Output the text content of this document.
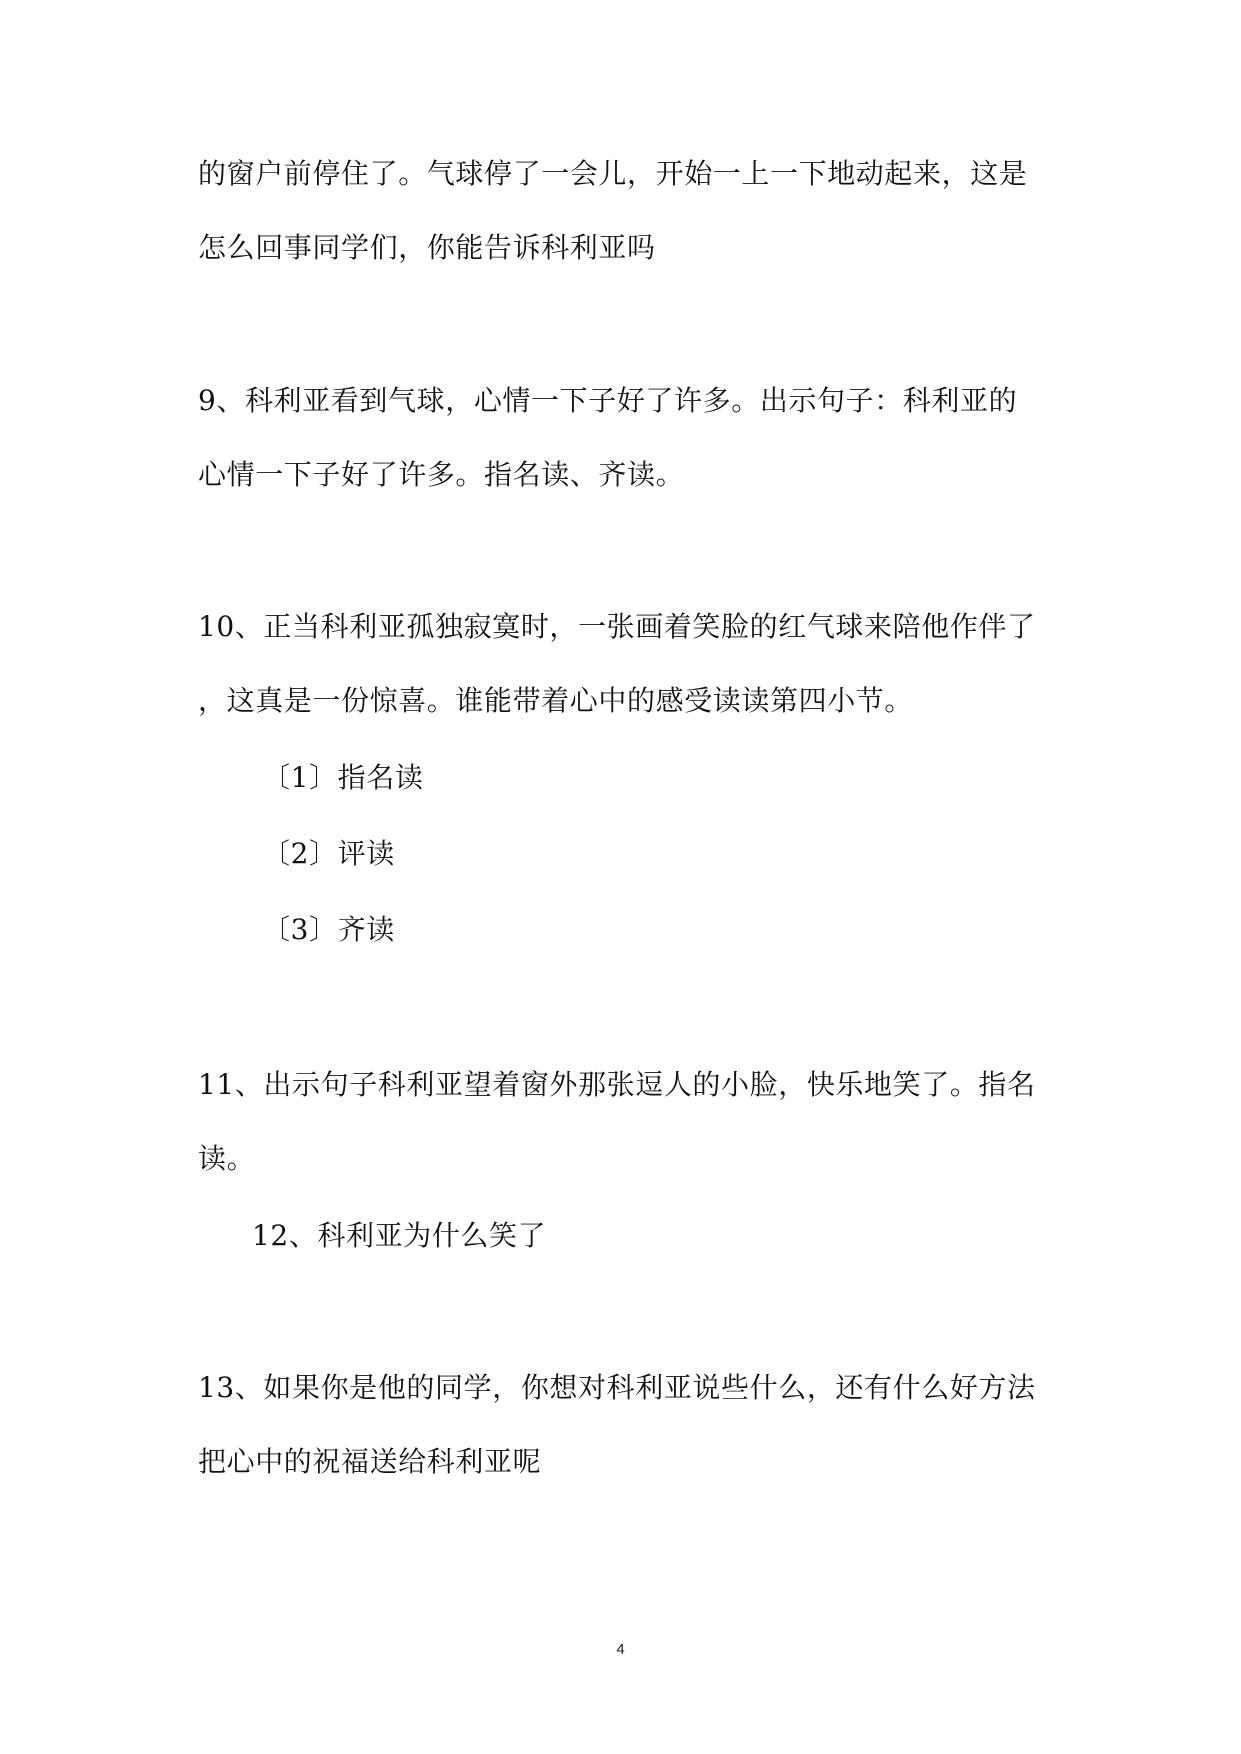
的窗户前停住了。气球停了一会儿，开始一上一下地动起来，这是
怎么回事同学们，你能告诉科利亚吗
9、科利亚看到气球，心情一下子好了许多。出示句子：科利亚的
心情一下子好了许多。指名读、齐读。
10、正当科利亚孤独寂寞时，一张画着笑脸的红气球来陪他作伴了
，这真是一份惊喜。谁能带着心中的感受读读第四小节。
〔1〕指名读
〔2〕评读
〔3〕齐读
11、出示句子科利亚望着窗外那张逗人的小脸，快乐地笑了。指名
读。
12、科利亚为什么笑了
13、如果你是他的同学，你想对科利亚说些什么，还有什么好方法
把心中的祝福送给科利亚呢
4
